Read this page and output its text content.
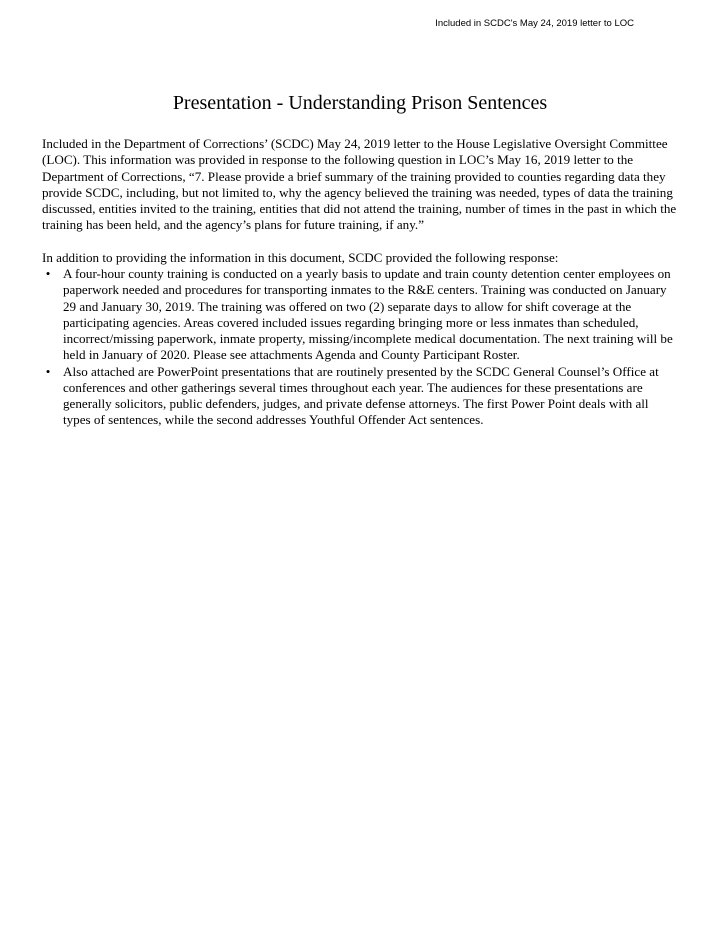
Included in SCDC's May 24, 2019 letter to LOC
Presentation - Understanding Prison Sentences

Included in the Department of Corrections’ (SCDC) May 24, 2019 letter to the House Legislative Oversight Committee (LOC). This information was provided in response to the following question in LOC’s May 16, 2019 letter to the Department of Corrections, “7. Please provide a brief summary of the training provided to counties regarding data they provide SCDC, including, but not limited to, why the agency believed the training was needed, types of data the training discussed, entities invited to the training, entities that did not attend the training, number of times in the past in which the training has been held, and the agency’s plans for future training, if any.”

In addition to providing the information in this document, SCDC provided the following response:

• A four-hour county training is conducted on a yearly basis to update and train county detention center employees on paperwork needed and procedures for transporting inmates to the R&E centers. Training was conducted on January 29 and January 30, 2019. The training was offered on two (2) separate days to allow for shift coverage at the participating agencies. Areas covered included issues regarding bringing more or less inmates than scheduled, incorrect/missing paperwork, inmate property, missing/incomplete medical documentation. The next training will be held in January of 2020. Please see attachments Agenda and County Participant Roster.
• Also attached are PowerPoint presentations that are routinely presented by the SCDC General Counsel’s Office at conferences and other gatherings several times throughout each year. The audiences for these presentations are generally solicitors, public defenders, judges, and private defense attorneys. The first Power Point deals with all types of sentences, while the second addresses Youthful Offender Act sentences.
